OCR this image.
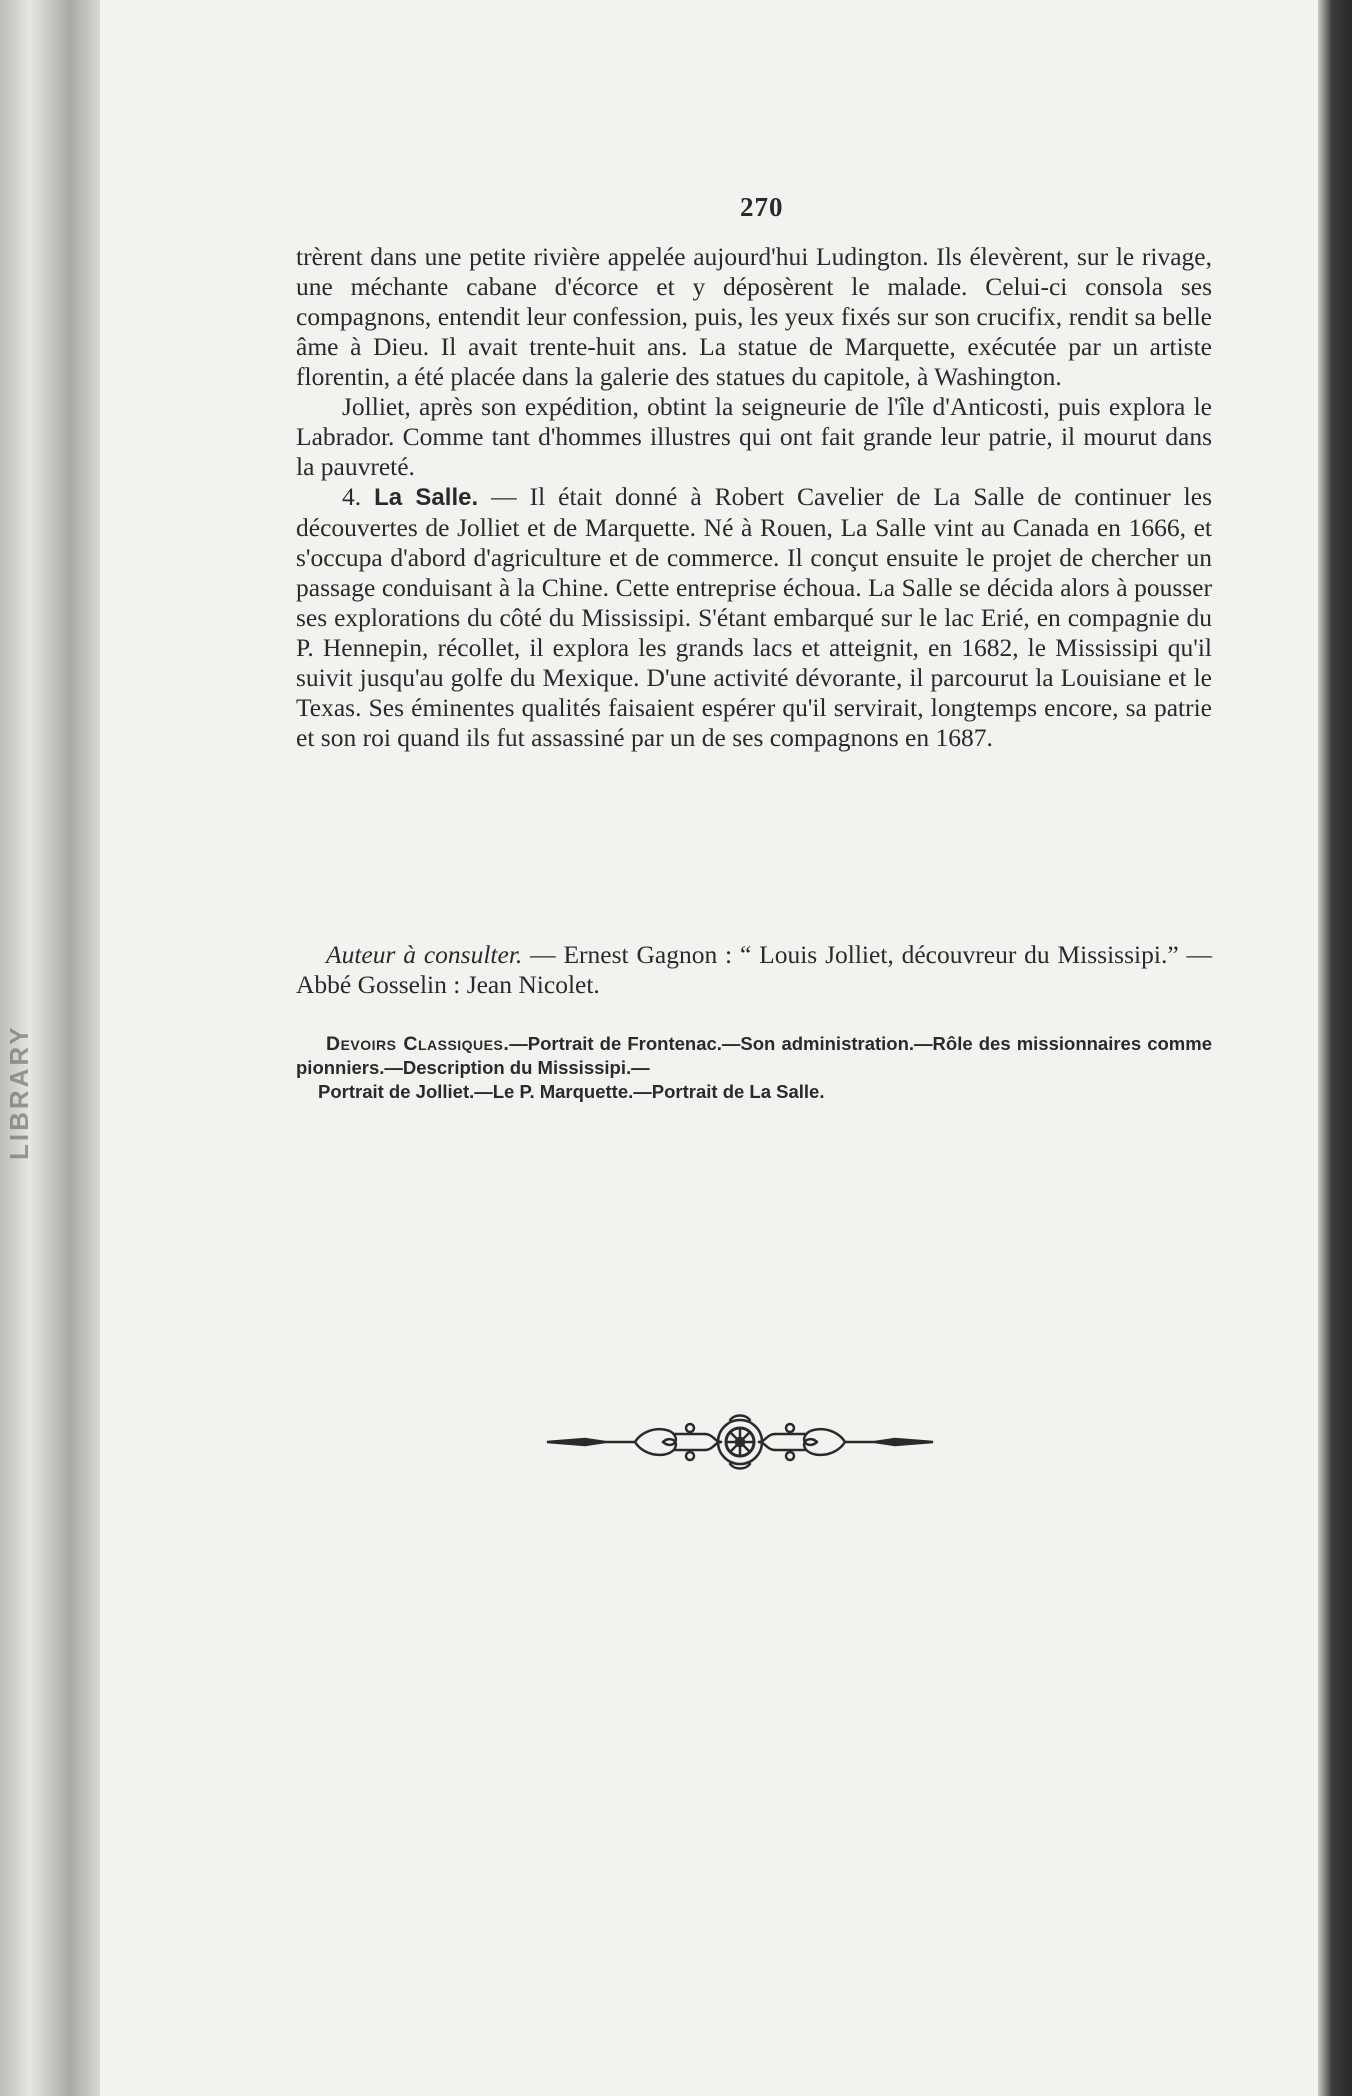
LIBRARY
270

trèrent dans une petite rivière appelée aujourd'hui Ludington. Ils élevèrent, sur le rivage, une méchante cabane d'écorce et y déposèrent le malade. Celui-ci consola ses compagnons, entendit leur confession, puis, les yeux fixés sur son crucifix, rendit sa belle âme à Dieu. Il avait trente-huit ans. La statue de Marquette, exécutée par un artiste florentin, a été placée dans la galerie des statues du capitole, à Washington.

Jolliet, après son expédition, obtint la seigneurie de l'île d'Anticosti, puis explora le Labrador. Comme tant d'hommes illustres qui ont fait grande leur patrie, il mourut dans la pauvreté.

4. La Salle. — Il était donné à Robert Cavelier de La Salle de continuer les découvertes de Jolliet et de Marquette. Né à Rouen, La Salle vint au Canada en 1666, et s'occupa d'abord d'agriculture et de commerce. Il conçut ensuite le projet de chercher un passage conduisant à la Chine. Cette entreprise échoua. La Salle se décida alors à pousser ses explorations du côté du Mississipi. S'étant embarqué sur le lac Erié, en compagnie du P. Hennepin, récollet, il explora les grands lacs et atteignit, en 1682, le Mississipi qu'il suivit jusqu'au golfe du Mexique. D'une activité dévorante, il parcourut la Louisiane et le Texas. Ses éminentes qualités faisaient espérer qu'il servirait, longtemps encore, sa patrie et son roi quand ils fut assassiné par un de ses compagnons en 1687.

Auteur à consulter. — Ernest Gagnon : “ Louis Jolliet, découvreur du Mississipi.” — Abbé Gosselin : Jean Nicolet.

Devoirs Classiques.—Portrait de Frontenac.—Son administration.—Rôle des missionnaires comme pionniers.—Description du Mississipi.—

Portrait de Jolliet.—Le P. Marquette.—Portrait de La Salle.
